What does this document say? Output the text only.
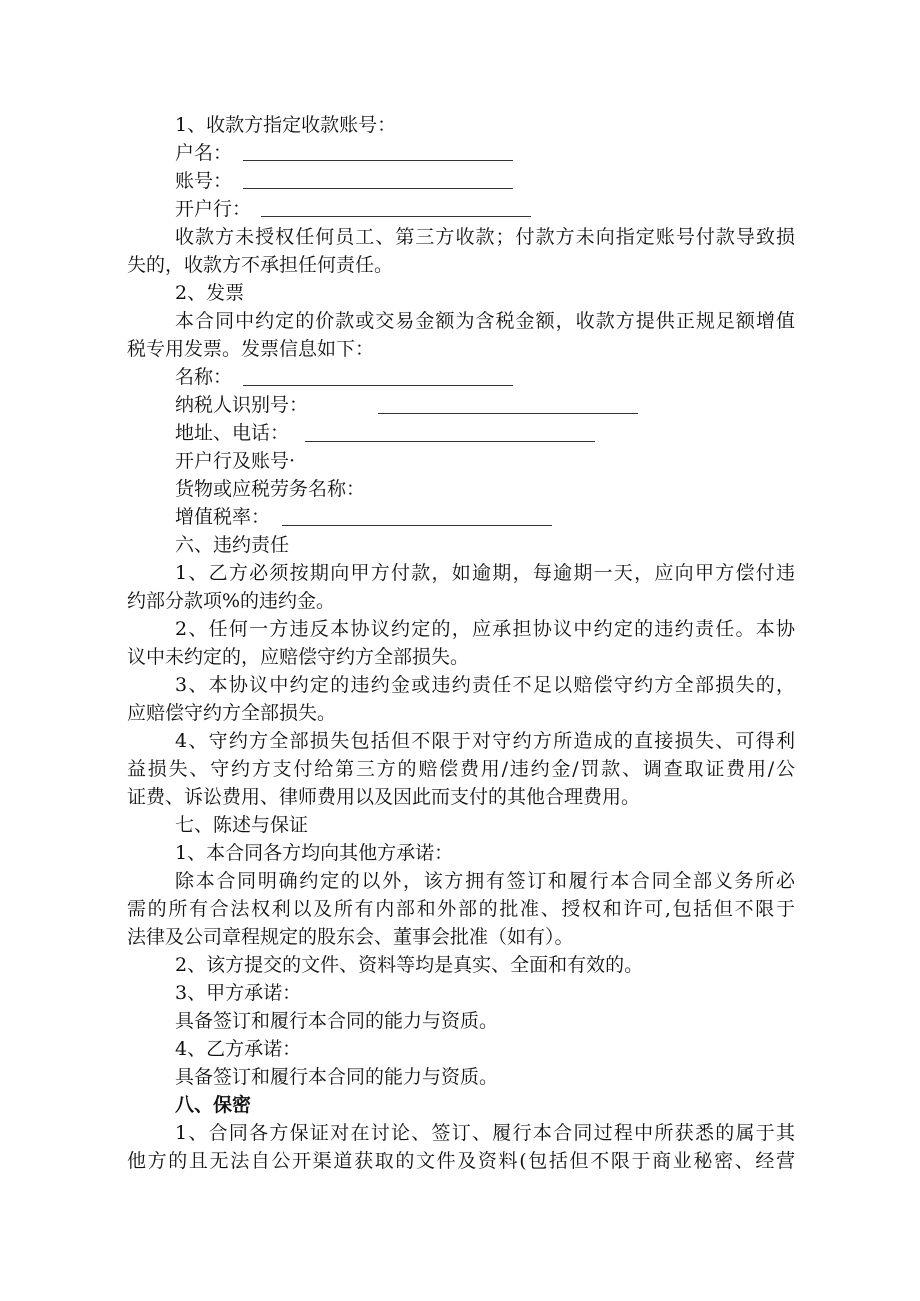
1、收款方指定收款账号：
户名：
账号：
开户行：
收款方未授权任何员工、第三方收款；付款方未向指定账号付款导致损
失的，收款方不承担任何责任。
2、发票
本合同中约定的价款或交易金额为含税金额，收款方提供正规足额增值
税专用发票。发票信息如下：
名称：
纳税人识别号：
地址、电话：
开户行及账号·
货物或应税劳务名称：
增值税率：
六、违约责任
1、乙方必须按期向甲方付款，如逾期，每逾期一天，应向甲方偿付违
约部分款项%的违约金。
2、任何一方违反本协议约定的，应承担协议中约定的违约责任。本协
议中未约定的，应赔偿守约方全部损失。
3、本协议中约定的违约金或违约责任不足以赔偿守约方全部损失的，
应赔偿守约方全部损失。
4、守约方全部损失包括但不限于对守约方所造成的直接损失、可得利
益损失、守约方支付给第三方的赔偿费用/违约金/罚款、调查取证费用/公
证费、诉讼费用、律师费用以及因此而支付的其他合理费用。
七、陈述与保证
1、本合同各方均向其他方承诺：
除本合同明确约定的以外，该方拥有签订和履行本合同全部义务所必
需的所有合法权利以及所有内部和外部的批准、授权和许可,包括但不限于
法律及公司章程规定的股东会、董事会批准（如有）。
2、该方提交的文件、资料等均是真实、全面和有效的。
3、甲方承诺：
具备签订和履行本合同的能力与资质。
4、乙方承诺：
具备签订和履行本合同的能力与资质。
八、保密
1、合同各方保证对在讨论、签订、履行本合同过程中所获悉的属于其
他方的且无法自公开渠道获取的文件及资料(包括但不限于商业秘密、经营
